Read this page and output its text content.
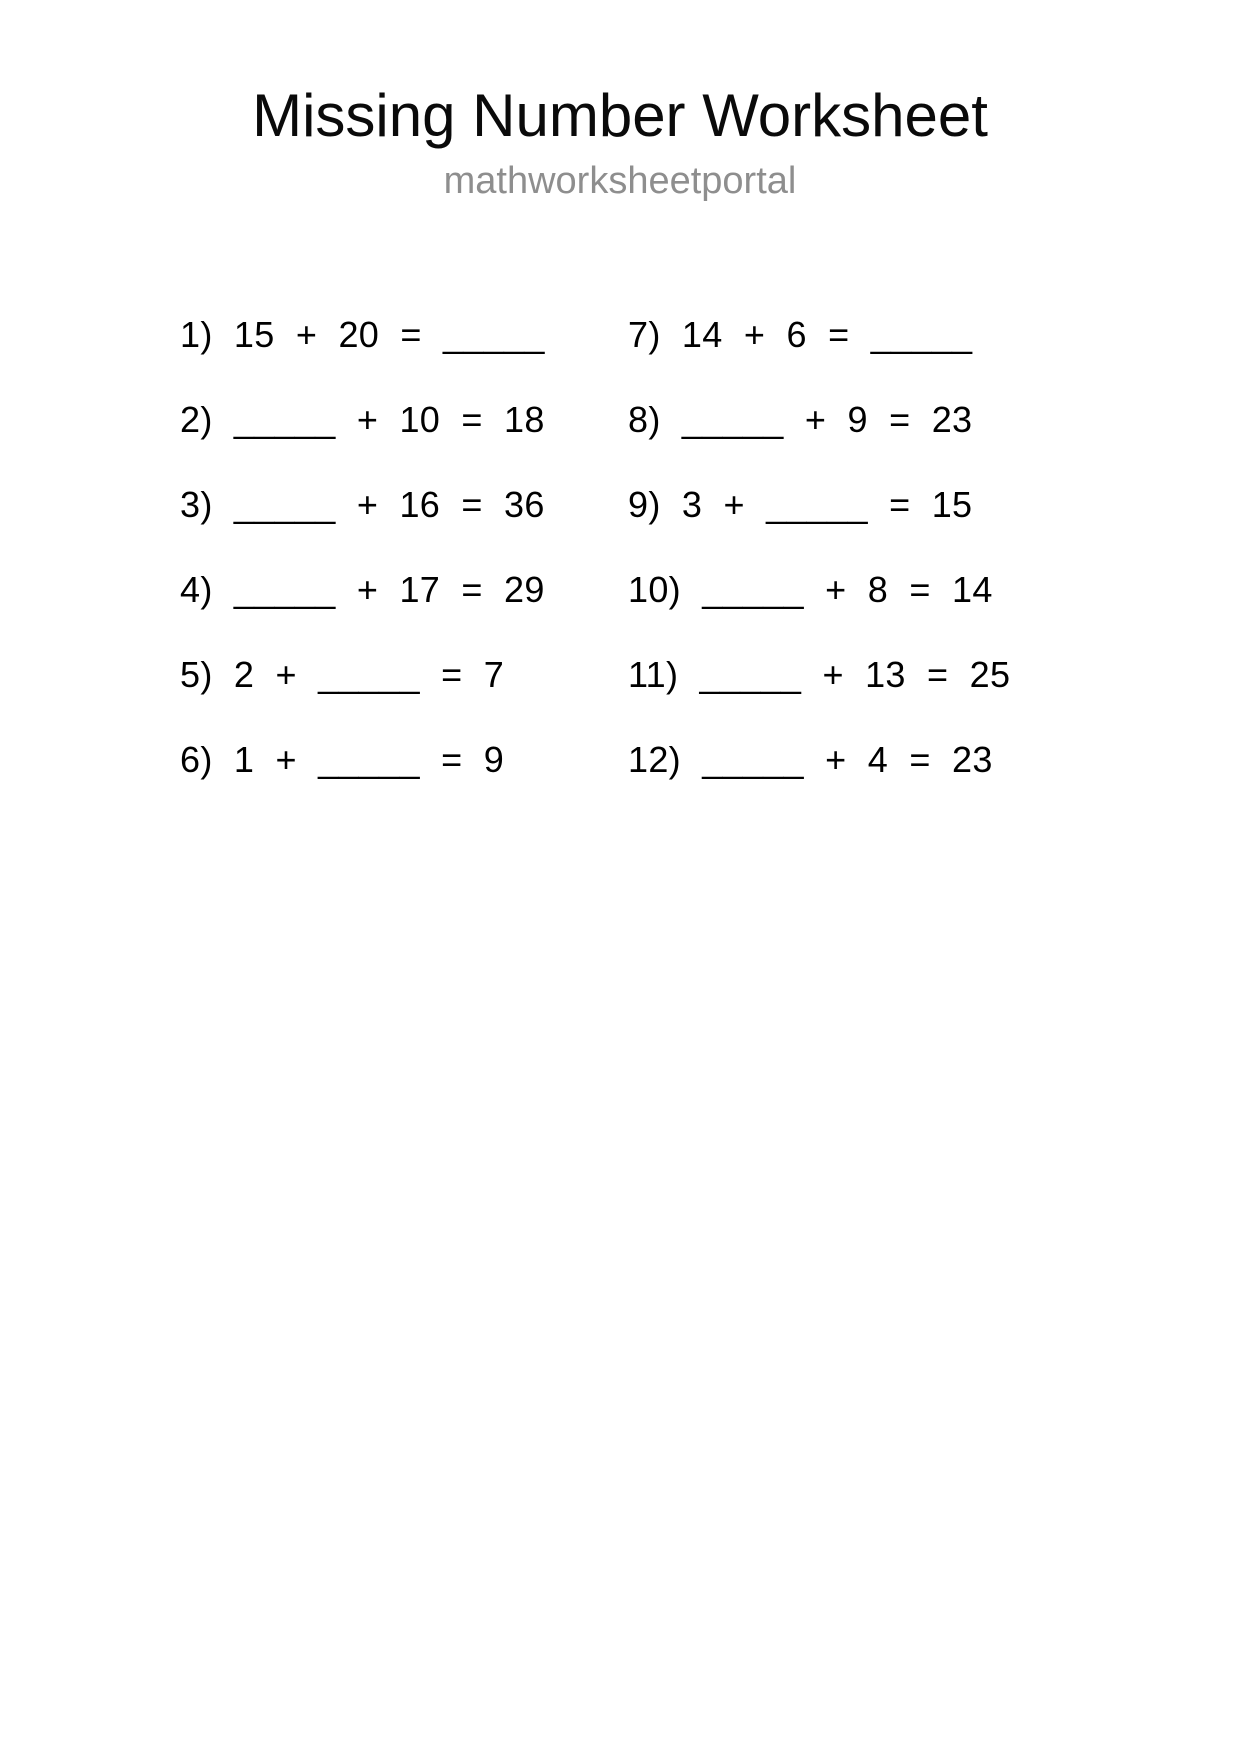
Missing Number Worksheet
mathworksheetportal
1) 15 + 20 = _____
2) _____ + 10 = 18
3) _____ + 16 = 36
4) _____ + 17 = 29
5) 2 + _____ = 7
6) 1 + _____ = 9
7) 14 + 6 = _____
8) _____ + 9 = 23
9) 3 + _____ = 15
10) _____ + 8 = 14
11) _____ + 13 = 25
12) _____ + 4 = 23
